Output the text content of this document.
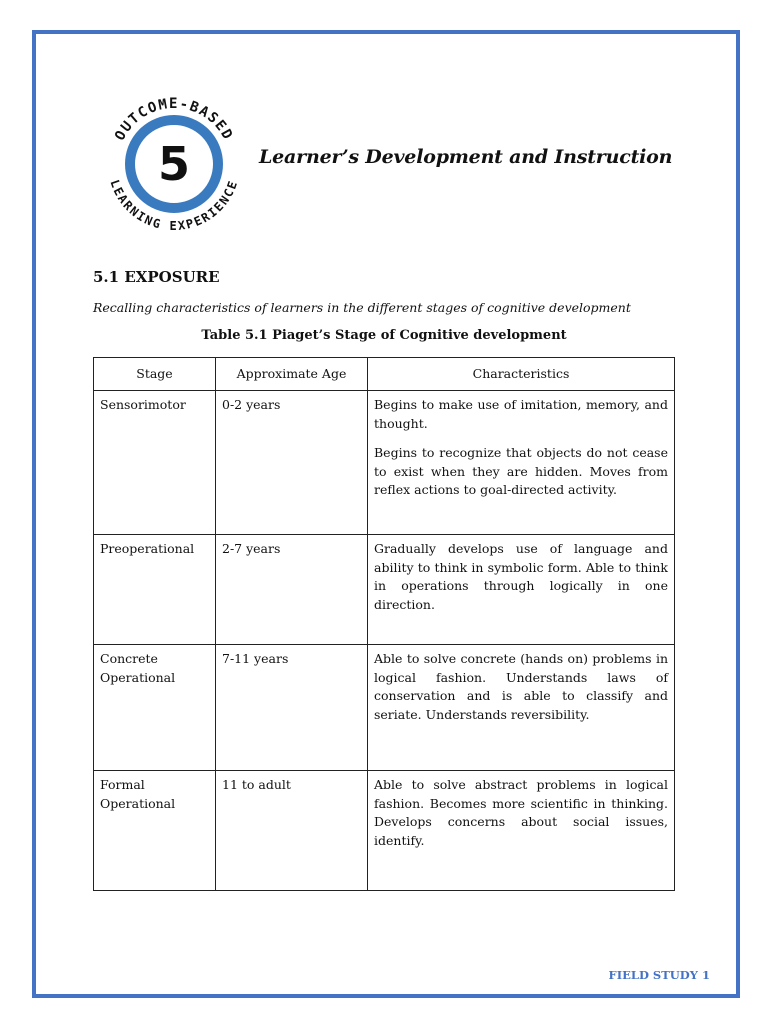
OUTCOME-BASED
LEARNING EXPERIENCE
5	Learner’s Development and Instruction
5.1 EXPOSURE
Recalling characteristics of learners in the different stages of cognitive development
Table 5.1 Piaget’s Stage of Cognitive development
Stage	Approximate Age	Characteristics
Sensorimotor	0-2 years	Begins to make use of imitation, memory, and thought.

Begins to recognize that objects do not cease to exist when they are hidden. Moves from reflex actions to goal-directed activity.

Preoperational	2-7 years	Gradually develops use of language and ability to think in symbolic form. Able to think in operations through logically in one direction.

Concrete Operational	7-11 years	Able to solve concrete (hands on) problems in logical fashion. Understands laws of conservation and is able to classify and seriate. Understands reversibility.

Formal Operational	11 to adult	Able to solve abstract problems in logical fashion. Becomes more scientific in thinking. Develops concerns about social issues, identify.

FIELD STUDY 1
